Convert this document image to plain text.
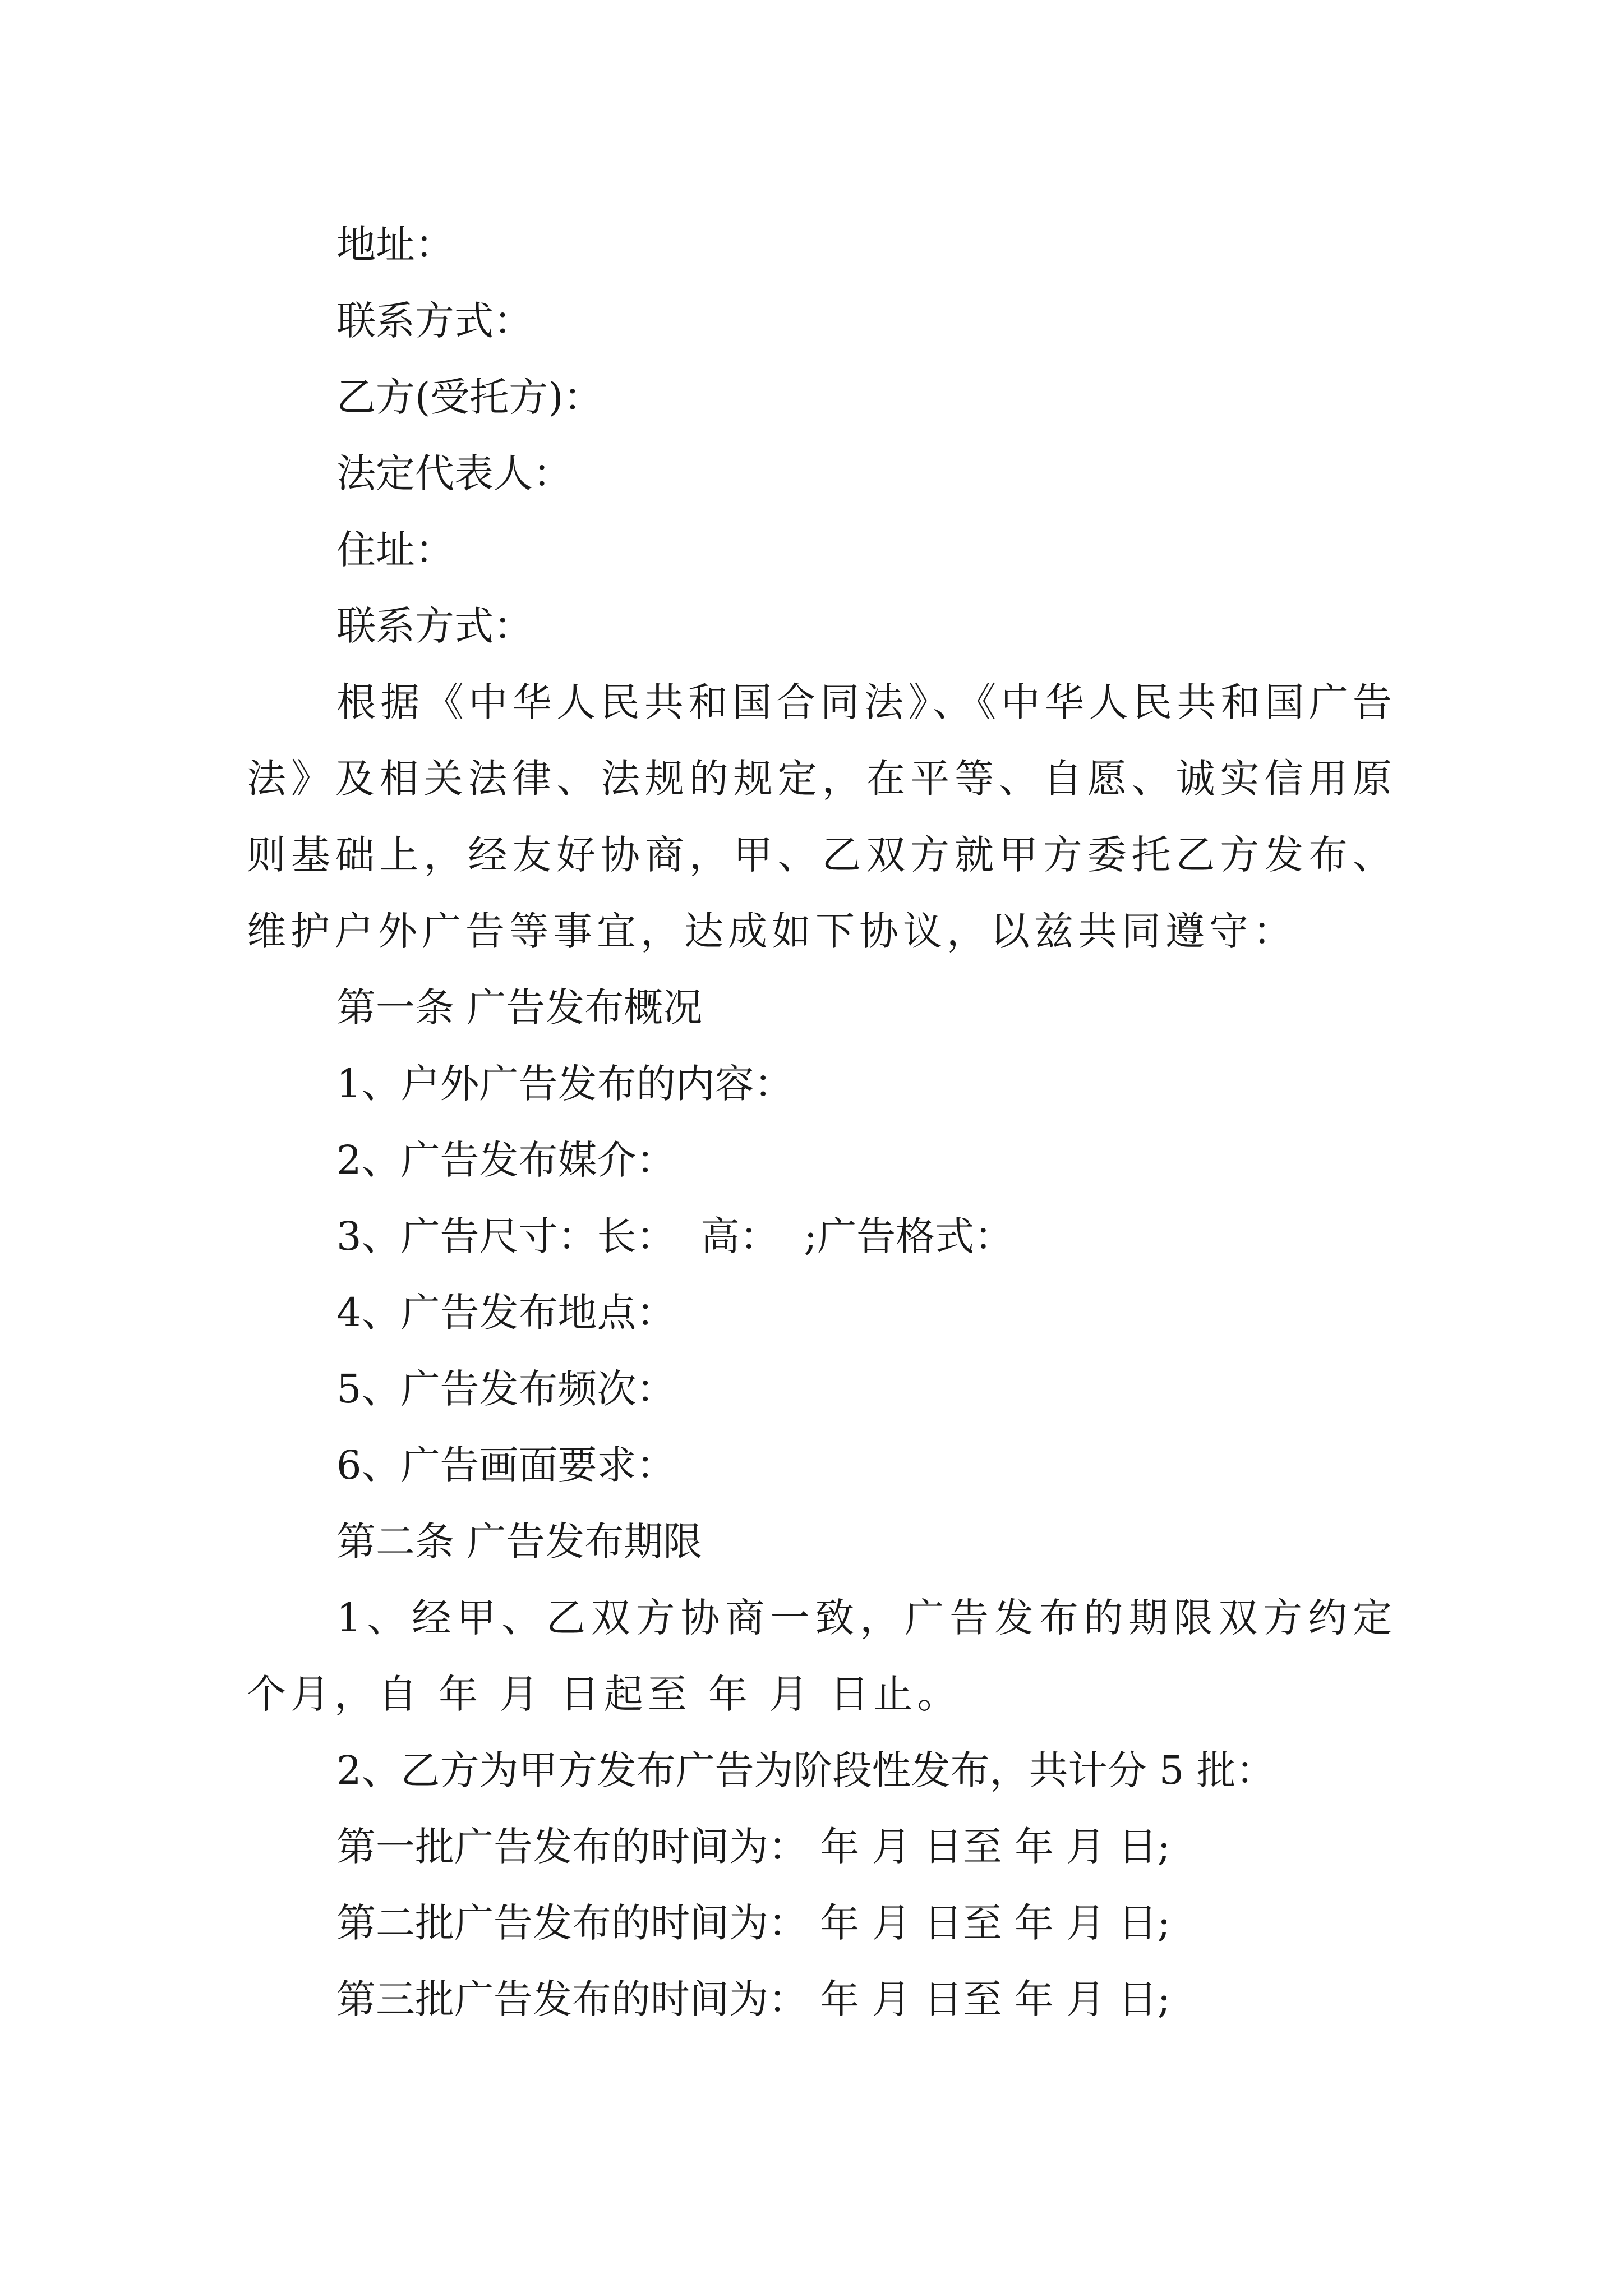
地址：

联系方式：

乙方(受托方)：

法定代表人：

住址：

联系方式：

根据《中华人民共和国合同法》、《中华人民共和国广告法》及相关法律、法规的规定，在平等、自愿、诚实信用原则基础上，经友好协商，甲、乙双方就甲方委托乙方发布、维护户外广告等事宜，达成如下协议，以兹共同遵守：

第一条 广告发布概况

1、户外广告发布的内容：

2、广告发布媒介：

3、广告尺寸：长：  高：  ;广告格式：

4、广告发布地点：

5、广告发布频次：

6、广告画面要求：

第二条 广告发布期限

1、经甲、乙双方协商一致，广告发布的期限双方约定 个月，自 年 月 日起至 年 月 日止。

2、乙方为甲方发布广告为阶段性发布，共计分 5 批：

第一批广告发布的时间为： 年 月 日至 年 月 日;

第二批广告发布的时间为： 年 月 日至 年 月 日;

第三批广告发布的时间为： 年 月 日至 年 月 日;
